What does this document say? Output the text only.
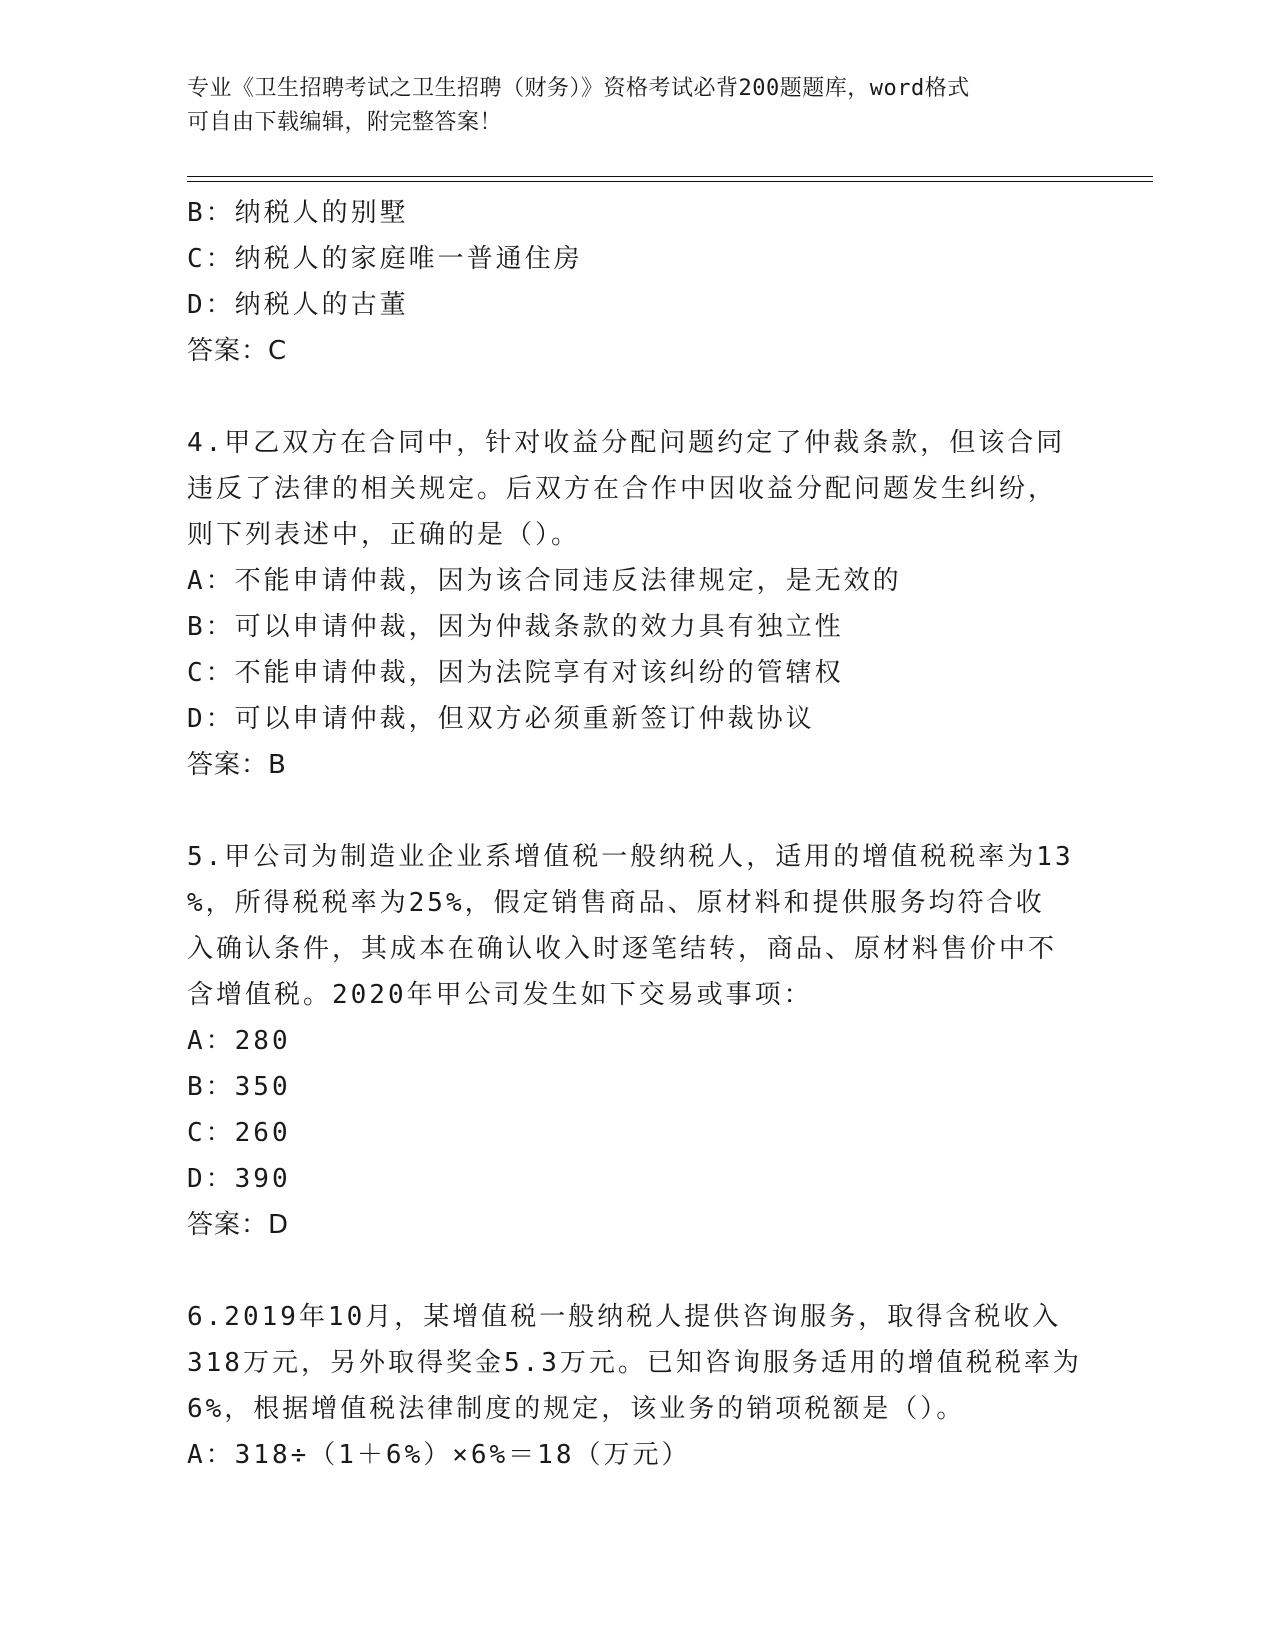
专业《卫生招聘考试之卫生招聘（财务）》资格考试必背200题题库，word格式
可自由下载编辑，附完整答案！
B：纳税人的别墅
C：纳税人的家庭唯一普通住房
D：纳税人的古董
答案：C
4.甲乙双方在合同中，针对收益分配问题约定了仲裁条款，但该合同
违反了法律的相关规定。后双方在合作中因收益分配问题发生纠纷，
则下列表述中，正确的是（）。
A：不能申请仲裁，因为该合同违反法律规定，是无效的
B：可以申请仲裁，因为仲裁条款的效力具有独立性
C：不能申请仲裁，因为法院享有对该纠纷的管辖权
D：可以申请仲裁，但双方必须重新签订仲裁协议
答案：B
5.甲公司为制造业企业系增值税一般纳税人，适用的增值税税率为13
%，所得税税率为25%，假定销售商品、原材料和提供服务均符合收
入确认条件，其成本在确认收入时逐笔结转，商品、原材料售价中不
含增值税。2020年甲公司发生如下交易或事项：
A：280
B：350
C：260
D：390
答案：D
6.2019年10月，某增值税一般纳税人提供咨询服务，取得含税收入
318万元，另外取得奖金5.3万元。已知咨询服务适用的增值税税率为
6%，根据增值税法律制度的规定，该业务的销项税额是（）。
A：318÷（1＋6%）×6%＝18（万元）
